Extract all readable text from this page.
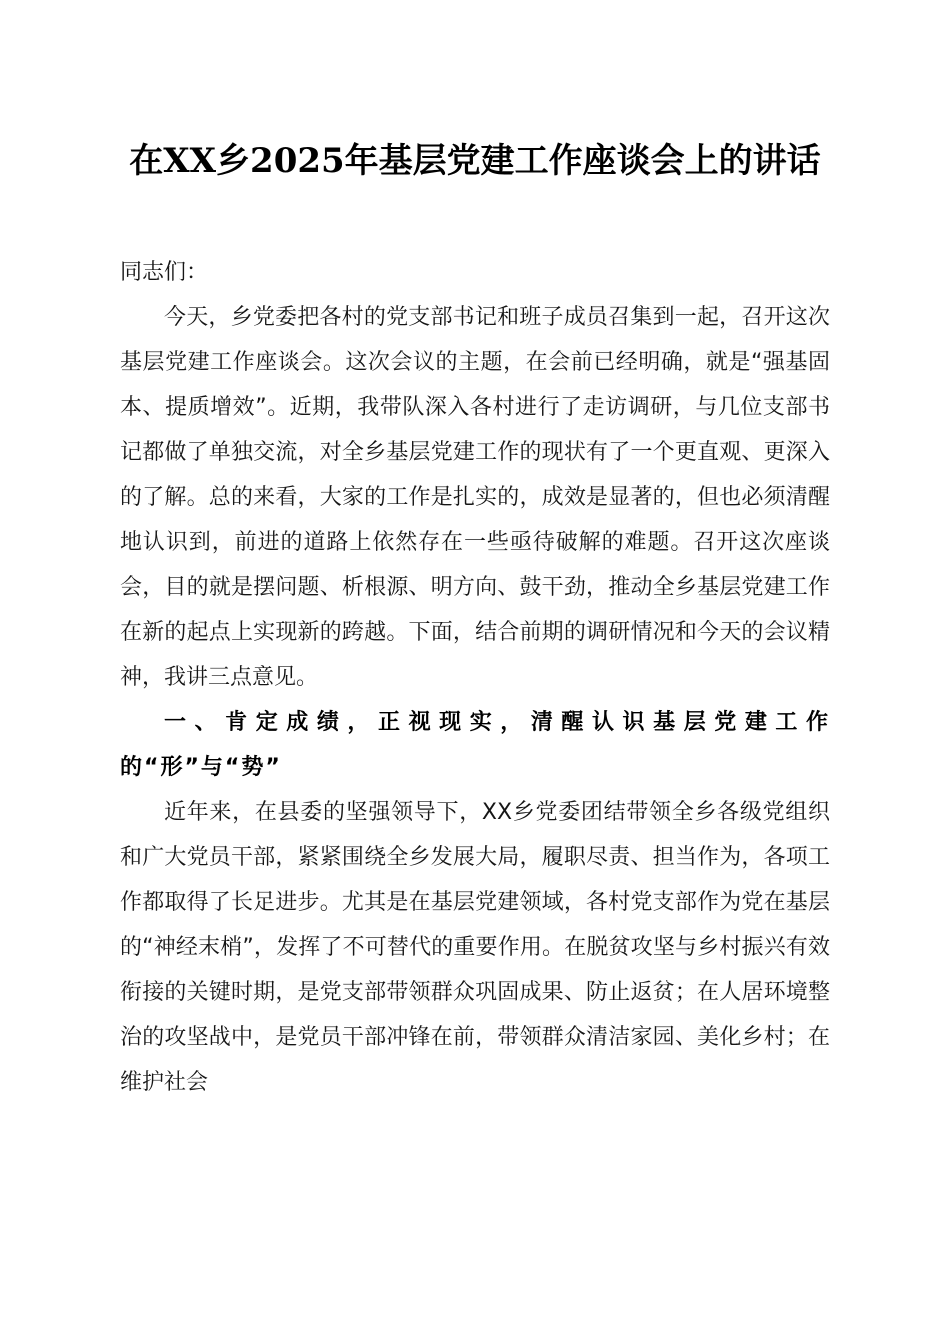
在XX乡2025年基层党建工作座谈会上的讲话

同志们：

今天，乡党委把各村的党支部书记和班子成员召集到一起，召开这次基层党建工作座谈会。这次会议的主题，在会前已经明确，就是“强基固本、提质增效”。近期，我带队深入各村进行了走访调研，与几位支部书记都做了单独交流，对全乡基层党建工作的现状有了一个更直观、更深入的了解。总的来看，大家的工作是扎实的，成效是显著的，但也必须清醒地认识到，前进的道路上依然存在一些亟待破解的难题。召开这次座谈会，目的就是摆问题、析根源、明方向、鼓干劲，推动全乡基层党建工作在新的起点上实现新的跨越。下面，结合前期的调研情况和今天的会议精神，我讲三点意见。

一、肯定成绩，正视现实，清醒认识基层党建工作的“形”与“势”

近年来，在县委的坚强领导下，XX乡党委团结带领全乡各级党组织和广大党员干部，紧紧围绕全乡发展大局，履职尽责、担当作为，各项工作都取得了长足进步。尤其是在基层党建领域，各村党支部作为党在基层的“神经末梢”，发挥了不可替代的重要作用。在脱贫攻坚与乡村振兴有效衔接的关键时期，是党支部带领群众巩固成果、防止返贫；在人居环境整治的攻坚战中，是党员干部冲锋在前，带领群众清洁家园、美化乡村；在维护社会
